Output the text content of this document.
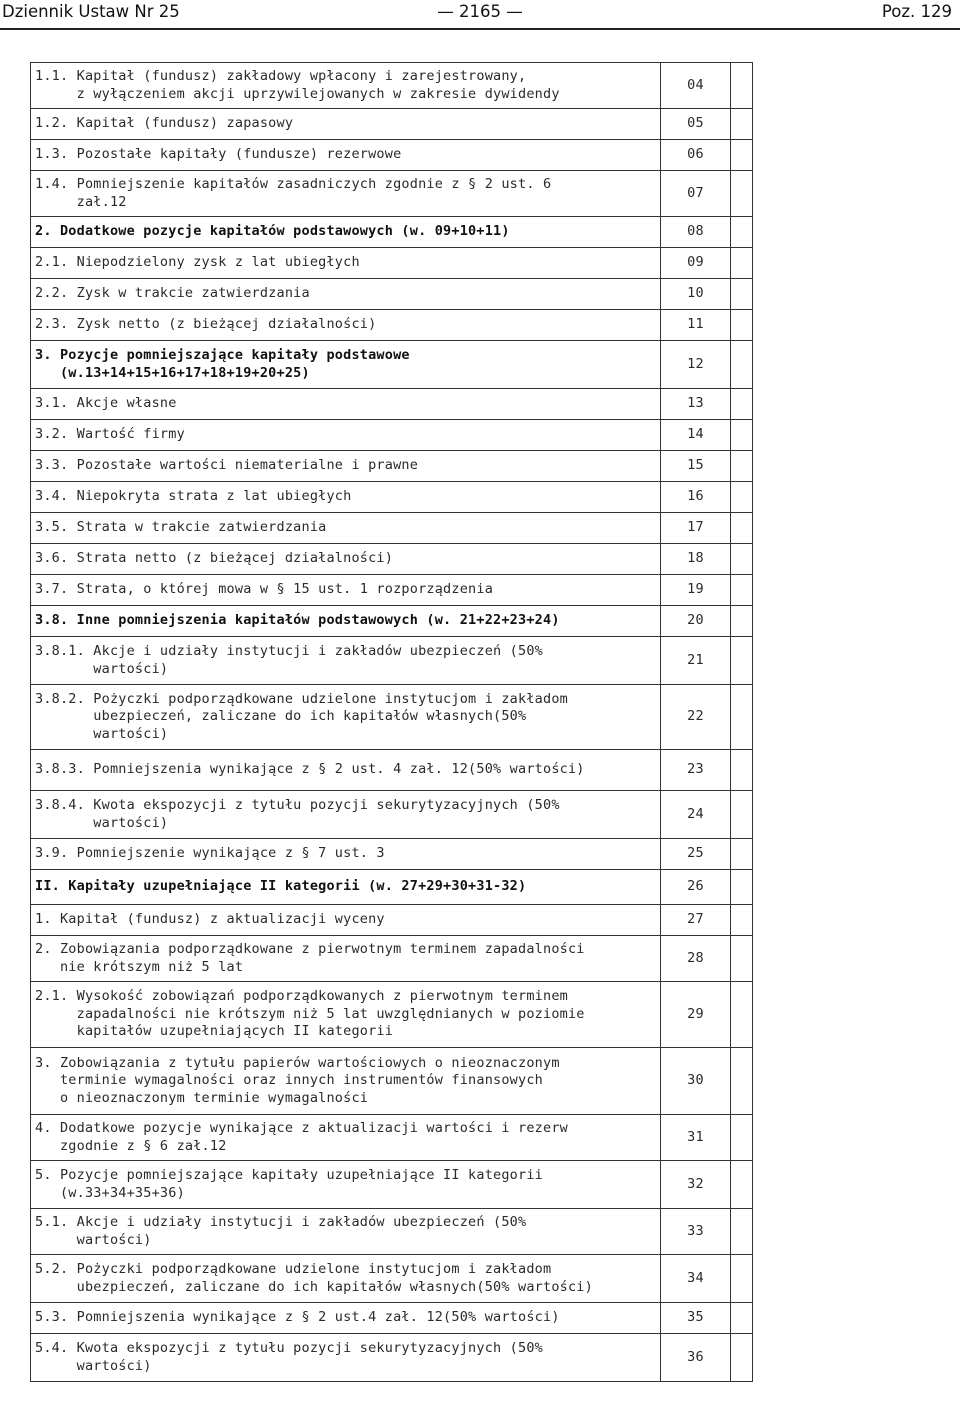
Dziennik Ustaw Nr 25	— 2165 —	Poz. 129
1.1. Kapitał (fundusz) zakładowy wpłacony i zarejestrowany,
z wyłączeniem akcji uprzywilejowanych w zakresie dywidendy	04	

1.2. Kapitał (fundusz) zapasowy	05	

1.3. Pozostałe kapitały (fundusze) rezerwowe	06	

1.4. Pomniejszenie kapitałów zasadniczych zgodnie z § 2 ust. 6
zał.12	07	

2. Dodatkowe pozycje kapitałów podstawowych (w. 09+10+11)	08	

2.1. Niepodzielony zysk z lat ubiegłych	09	

2.2. Zysk w trakcie zatwierdzania	10	

2.3. Zysk netto (z bieżącej działalności)	11	

3. Pozycje pomniejszające kapitały podstawowe
(w.13+14+15+16+17+18+19+20+25)	12	

3.1. Akcje własne	13	

3.2. Wartość firmy	14	

3.3. Pozostałe wartości niematerialne i prawne	15	

3.4. Niepokryta strata z lat ubiegłych	16	

3.5. Strata w trakcie zatwierdzania	17	

3.6. Strata netto (z bieżącej działalności)	18	

3.7. Strata, o której mowa w § 15 ust. 1 rozporządzenia	19	

3.8. Inne pomniejszenia kapitałów podstawowych (w. 21+22+23+24)	20	

3.8.1. Akcje i udziały instytucji i zakładów ubezpieczeń (50%
wartości)	21	

3.8.2. Pożyczki podporządkowane udzielone instytucjom i zakładom
ubezpieczeń, zaliczane do ich kapitałów własnych(50%
wartości)	22	

3.8.3. Pomniejszenia wynikające z § 2 ust. 4 zał. 12(50% wartości)	23	

3.8.4. Kwota ekspozycji z tytułu pozycji sekurytyzacyjnych (50%
wartości)	24	

3.9. Pomniejszenie wynikające z § 7 ust. 3	25	

II. Kapitały uzupełniające II kategorii (w. 27+29+30+31-32)	26	

1. Kapitał (fundusz) z aktualizacji wyceny	27	

2. Zobowiązania podporządkowane z pierwotnym terminem zapadalności
nie krótszym niż 5 lat	28	

2.1. Wysokość zobowiązań podporządkowanych z pierwotnym terminem
zapadalności nie krótszym niż 5 lat uwzględnianych w poziomie
kapitałów uzupełniających II kategorii	29	

3. Zobowiązania z tytułu papierów wartościowych o nieoznaczonym
terminie wymagalności oraz innych instrumentów finansowych
o nieoznaczonym terminie wymagalności	30	

4. Dodatkowe pozycje wynikające z aktualizacji wartości i rezerw
zgodnie z § 6 zał.12	31	

5. Pozycje pomniejszające kapitały uzupełniające II kategorii
(w.33+34+35+36)	32	

5.1. Akcje i udziały instytucji i zakładów ubezpieczeń (50%
wartości)	33	

5.2. Pożyczki podporządkowane udzielone instytucjom i zakładom
ubezpieczeń, zaliczane do ich kapitałów własnych(50% wartości)	34	

5.3. Pomniejszenia wynikające z § 2 ust.4 zał. 12(50% wartości)	35	

5.4. Kwota ekspozycji z tytułu pozycji sekurytyzacyjnych (50%
wartości)	36	
